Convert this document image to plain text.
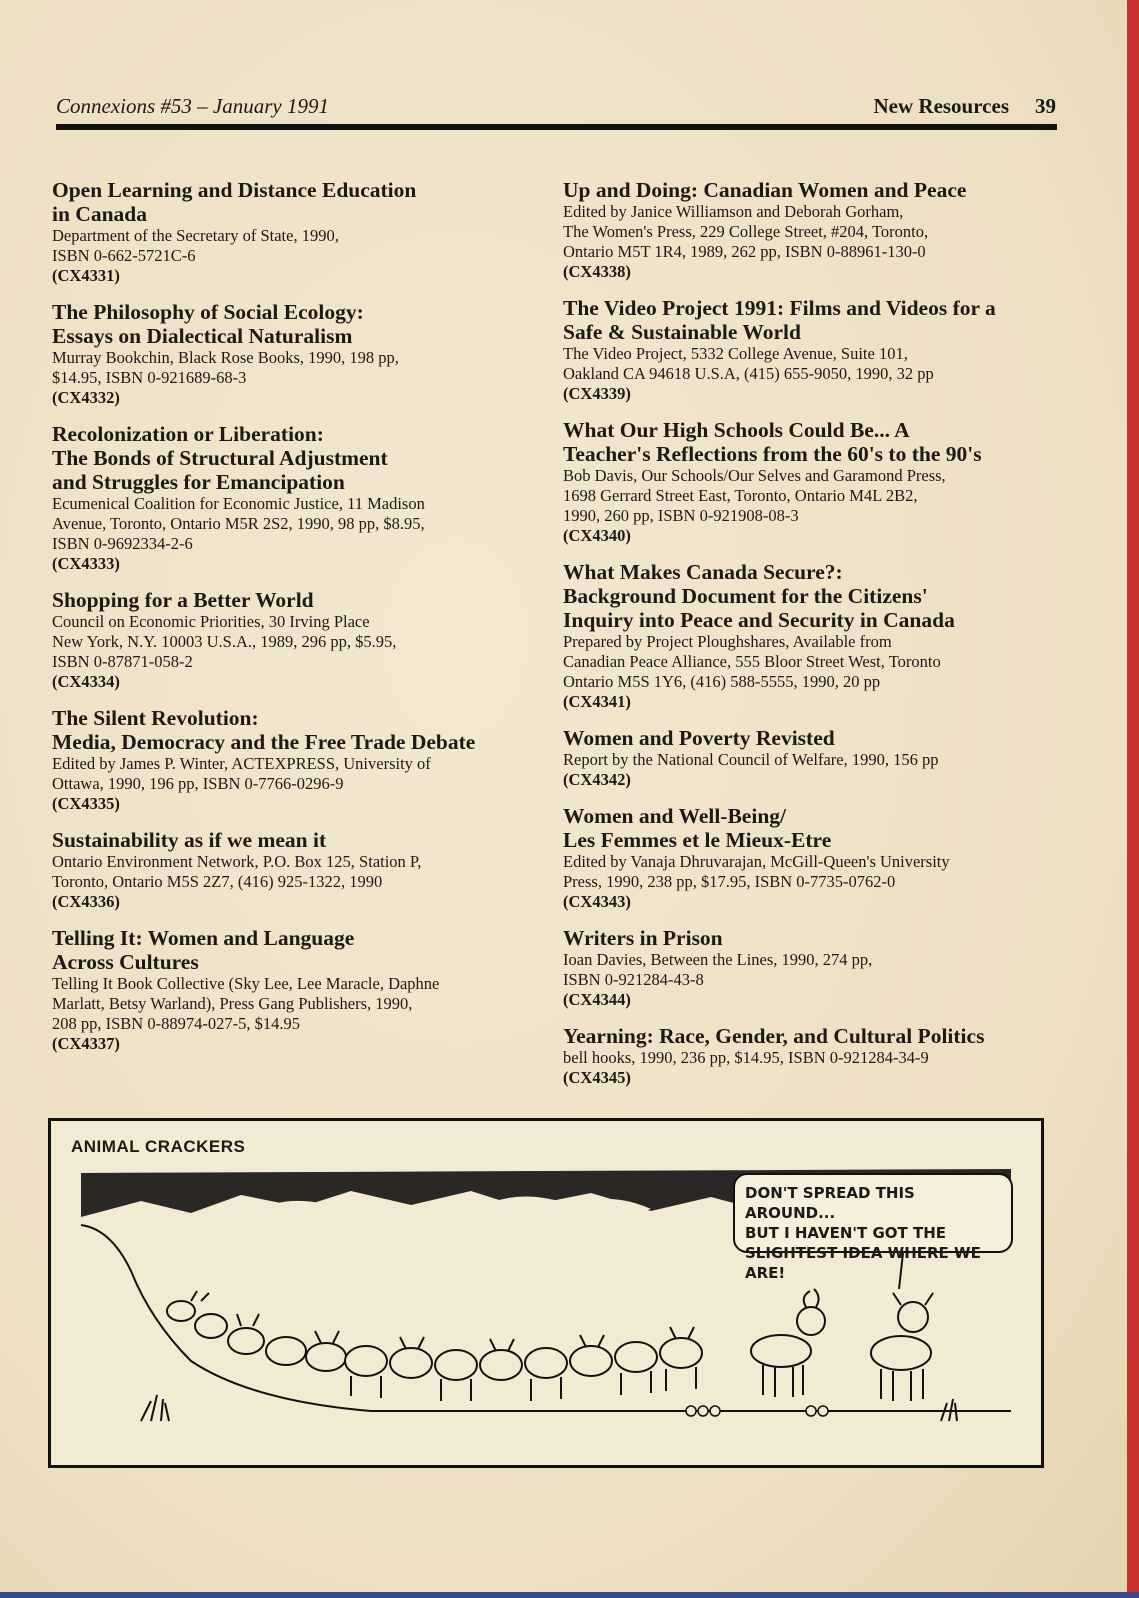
Connexions #53 – January 1991	New Resources 39
Open Learning and Distance Education
in Canada
Department of the Secretary of State, 1990,
ISBN 0-662-5721C-6
(CX4331)
The Philosophy of Social Ecology:
Essays on Dialectical Naturalism
Murray Bookchin, Black Rose Books, 1990, 198 pp,
$14.95, ISBN 0-921689-68-3
(CX4332)
Recolonization or Liberation:
The Bonds of Structural Adjustment
and Struggles for Emancipation
Ecumenical Coalition for Economic Justice, 11 Madison
Avenue, Toronto, Ontario M5R 2S2, 1990, 98 pp, $8.95,
ISBN 0-9692334-2-6
(CX4333)
Shopping for a Better World
Council on Economic Priorities, 30 Irving Place
New York, N.Y. 10003 U.S.A., 1989, 296 pp, $5.95,
ISBN 0-87871-058-2
(CX4334)
The Silent Revolution:
Media, Democracy and the Free Trade Debate
Edited by James P. Winter, ACTEXPRESS, University of
Ottawa, 1990, 196 pp, ISBN 0-7766-0296-9
(CX4335)
Sustainability as if we mean it
Ontario Environment Network, P.O. Box 125, Station P,
Toronto, Ontario M5S 2Z7, (416) 925-1322, 1990
(CX4336)
Telling It: Women and Language
Across Cultures
Telling It Book Collective (Sky Lee, Lee Maracle, Daphne
Marlatt, Betsy Warland), Press Gang Publishers, 1990,
208 pp, ISBN 0-88974-027-5, $14.95
(CX4337)
Up and Doing: Canadian Women and Peace
Edited by Janice Williamson and Deborah Gorham,
The Women's Press, 229 College Street, #204, Toronto,
Ontario M5T 1R4, 1989, 262 pp, ISBN 0-88961-130-0
(CX4338)
The Video Project 1991: Films and Videos for a
Safe & Sustainable World
The Video Project, 5332 College Avenue, Suite 101,
Oakland CA 94618 U.S.A, (415) 655-9050, 1990, 32 pp
(CX4339)
What Our High Schools Could Be... A
Teacher's Reflections from the 60's to the 90's
Bob Davis, Our Schools/Our Selves and Garamond Press,
1698 Gerrard Street East, Toronto, Ontario M4L 2B2,
1990, 260 pp, ISBN 0-921908-08-3
(CX4340)
What Makes Canada Secure?:
Background Document for the Citizens'
Inquiry into Peace and Security in Canada
Prepared by Project Ploughshares, Available from
Canadian Peace Alliance, 555 Bloor Street West, Toronto
Ontario M5S 1Y6, (416) 588-5555, 1990, 20 pp
(CX4341)
Women and Poverty Revisted
Report by the National Council of Welfare, 1990, 156 pp
(CX4342)
Women and Well-Being/
Les Femmes et le Mieux-Etre
Edited by Vanaja Dhruvarajan, McGill-Queen's University
Press, 1990, 238 pp, $17.95, ISBN 0-7735-0762-0
(CX4343)
Writers in Prison
Ioan Davies, Between the Lines, 1990, 274 pp,
ISBN 0-921284-43-8
(CX4344)
Yearning: Race, Gender, and Cultural Politics
bell hooks, 1990, 236 pp, $14.95, ISBN 0-921284-34-9
(CX4345)
ANIMAL CRACKERS
DON'T SPREAD THIS AROUND...
BUT I HAVEN'T GOT THE
SLIGHTEST IDEA WHERE WE ARE!
